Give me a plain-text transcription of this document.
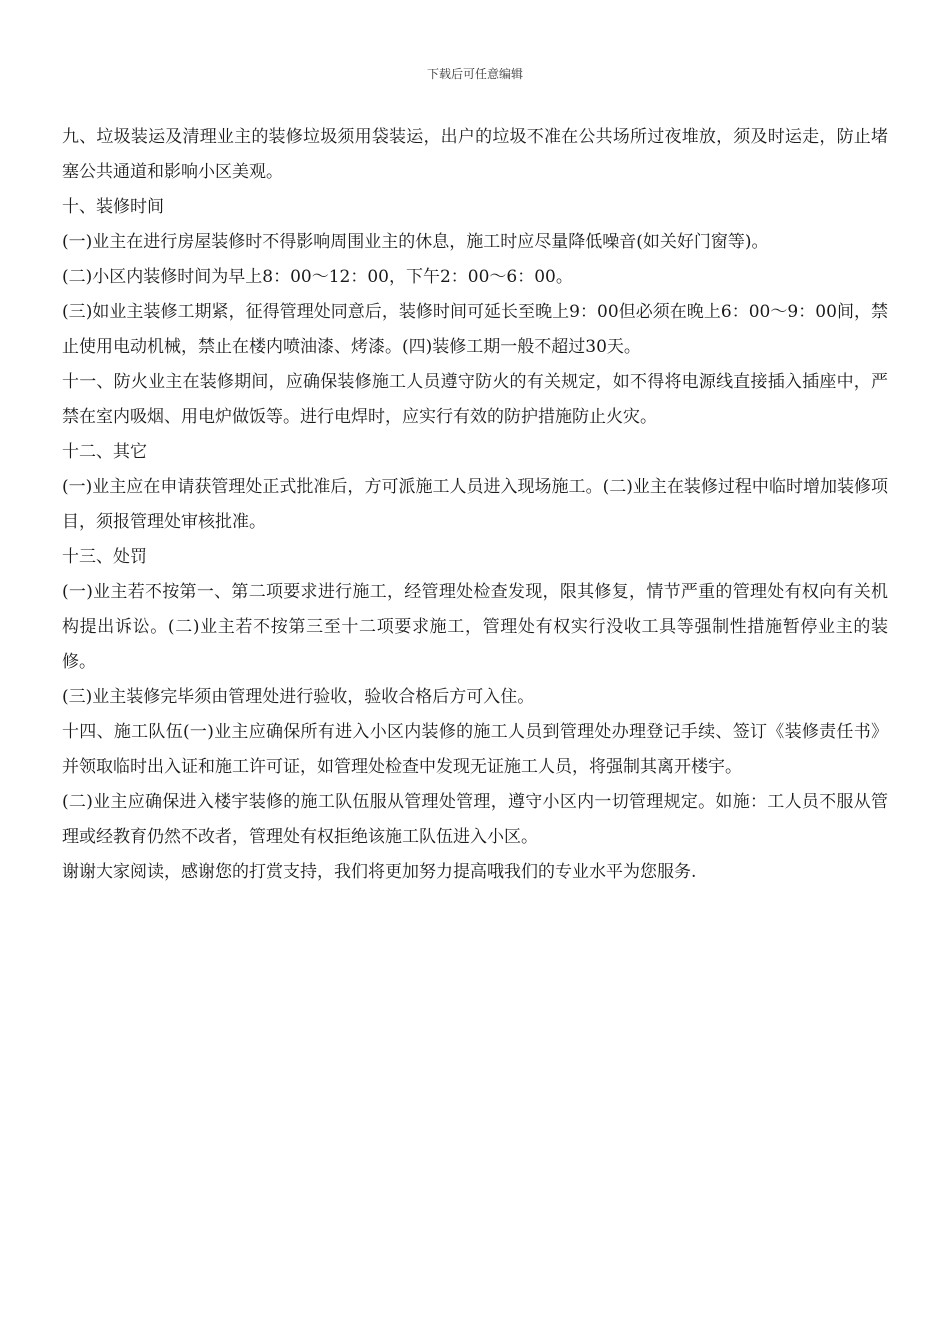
下载后可任意编辑

九、垃圾装运及清理业主的装修垃圾须用袋装运，出户的垃圾不准在公共场所过夜堆放，须及时运走，防止堵塞公共通道和影响小区美观。

十、装修时间

(一)业主在进行房屋装修时不得影响周围业主的休息，施工时应尽量降低噪音(如关好门窗等)。

(二)小区内装修时间为早上8：00～12：00，下午2：00～6：00。

(三)如业主装修工期紧，征得管理处同意后，装修时间可延长至晚上9：00但必须在晚上6：00～9：00间，禁止使用电动机械，禁止在楼内喷油漆、烤漆。(四)装修工期一般不超过30天。

十一、防火业主在装修期间，应确保装修施工人员遵守防火的有关规定，如不得将电源线直接插入插座中，严禁在室内吸烟、用电炉做饭等。进行电焊时，应实行有效的防护措施防止火灾。

十二、其它

(一)业主应在申请获管理处正式批准后，方可派施工人员进入现场施工。(二)业主在装修过程中临时增加装修项目，须报管理处审核批准。

十三、处罚

(一)业主若不按第一、第二项要求进行施工，经管理处检查发现，限其修复，情节严重的管理处有权向有关机构提出诉讼。(二)业主若不按第三至十二项要求施工，管理处有权实行没收工具等强制性措施暂停业主的装修。

(三)业主装修完毕须由管理处进行验收，验收合格后方可入住。

十四、施工队伍(一)业主应确保所有进入小区内装修的施工人员到管理处办理登记手续、签订《装修责任书》并领取临时出入证和施工许可证，如管理处检查中发现无证施工人员，将强制其离开楼宇。

(二)业主应确保进入楼宇装修的施工队伍服从管理处管理，遵守小区内一切管理规定。如施：工人员不服从管理或经教育仍然不改者，管理处有权拒绝该施工队伍进入小区。

谢谢大家阅读，感谢您的打赏支持，我们将更加努力提高哦我们的专业水平为您服务.
